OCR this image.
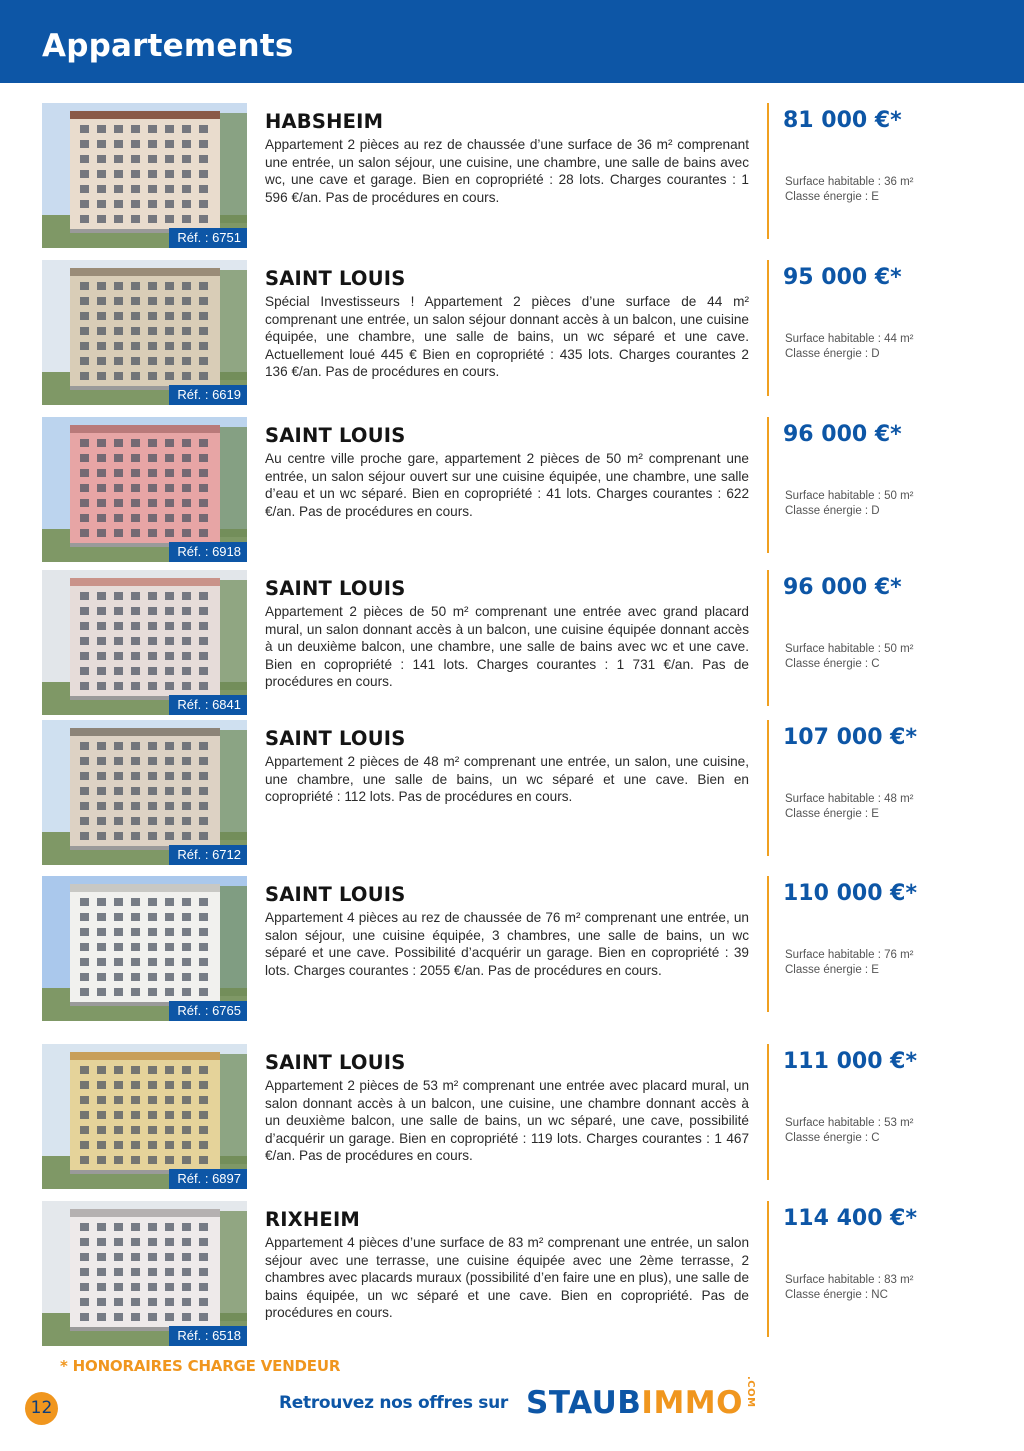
Appartements
Réf. : 6751
HABSHEIM
Appartement 2 pièces au rez de chaussée d’une surface de 36 m² comprenant une entrée, un salon séjour, une cuisine, une chambre, une salle de bains avec wc, une cave et garage. Bien en copropriété : 28 lots. Charges courantes : 1 596 €/an. Pas de procédures en cours.
81 000 €*
Surface habitable : 36 m²
Classe énergie : E
Réf. : 6619
SAINT LOUIS
Spécial Investisseurs ! Appartement 2 pièces d’une surface de 44 m² comprenant une entrée, un salon séjour donnant accès à un balcon, une cuisine équipée, une chambre, une salle de bains, un wc séparé et une cave. Actuellement loué 445 € Bien en copropriété : 435 lots. Charges courantes 2 136 €/an. Pas de procédures en cours.
95 000 €*
Surface habitable : 44 m²
Classe énergie : D
Réf. : 6918
SAINT LOUIS
Au centre ville proche gare, appartement 2 pièces de 50 m² comprenant une entrée, un salon séjour ouvert sur une cuisine équipée, une chambre, une salle d’eau et un wc séparé. Bien en copropriété : 41 lots. Charges courantes : 622 €/an. Pas de procédures en cours.
96 000 €*
Surface habitable : 50 m²
Classe énergie : D
Réf. : 6841
SAINT LOUIS
Appartement 2 pièces de 50 m² comprenant une entrée avec grand placard mural, un salon donnant accès à un balcon, une cuisine équipée donnant accès à un deuxième balcon, une chambre, une salle de bains avec wc et une cave. Bien en copropriété : 141 lots. Charges courantes : 1 731 €/an. Pas de procédures en cours.
96 000 €*
Surface habitable : 50 m²
Classe énergie : C
Réf. : 6712
SAINT LOUIS
Appartement 2 pièces de 48 m² comprenant une entrée, un salon, une cuisine, une chambre, une salle de bains, un wc séparé et une cave. Bien en copropriété : 112 lots. Pas de procédures en cours.
107 000 €*
Surface habitable : 48 m²
Classe énergie : E
Réf. : 6765
SAINT LOUIS
Appartement 4 pièces au rez de chaussée de 76 m² comprenant une entrée, un salon séjour, une cuisine équipée, 3 chambres, une salle de bains, un wc séparé et une cave. Possibilité d’acquérir un garage. Bien en copropriété : 39 lots. Charges courantes : 2055 €/an. Pas de procédures en cours.
110 000 €*
Surface habitable : 76 m²
Classe énergie : E
Réf. : 6897
SAINT LOUIS
Appartement 2 pièces de 53 m² comprenant une entrée avec placard mural, un salon donnant accès à un balcon, une cuisine, une chambre donnant accès à un deuxième balcon, une salle de bains, un wc séparé, une cave, possibilité d’acquérir un garage. Bien en copropriété : 119 lots. Charges courantes : 1 467 €/an. Pas de procédures en cours.
111 000 €*
Surface habitable : 53 m²
Classe énergie : C
Réf. : 6518
RIXHEIM
Appartement 4 pièces d’une surface de 83 m² comprenant une entrée, un salon séjour avec une terrasse, une cuisine équipée avec une 2ème terrasse, 2 chambres avec placards muraux (possibilité d’en faire une en plus), une salle de bains équipée, un wc séparé et une cave. Bien en copropriété. Pas de procédures en cours.
114 400 €*
Surface habitable : 83 m²
Classe énergie : NC
* HONORAIRES CHARGE VENDEUR
12	Retrouvez nos offres sur STAUBIMMO .COM
